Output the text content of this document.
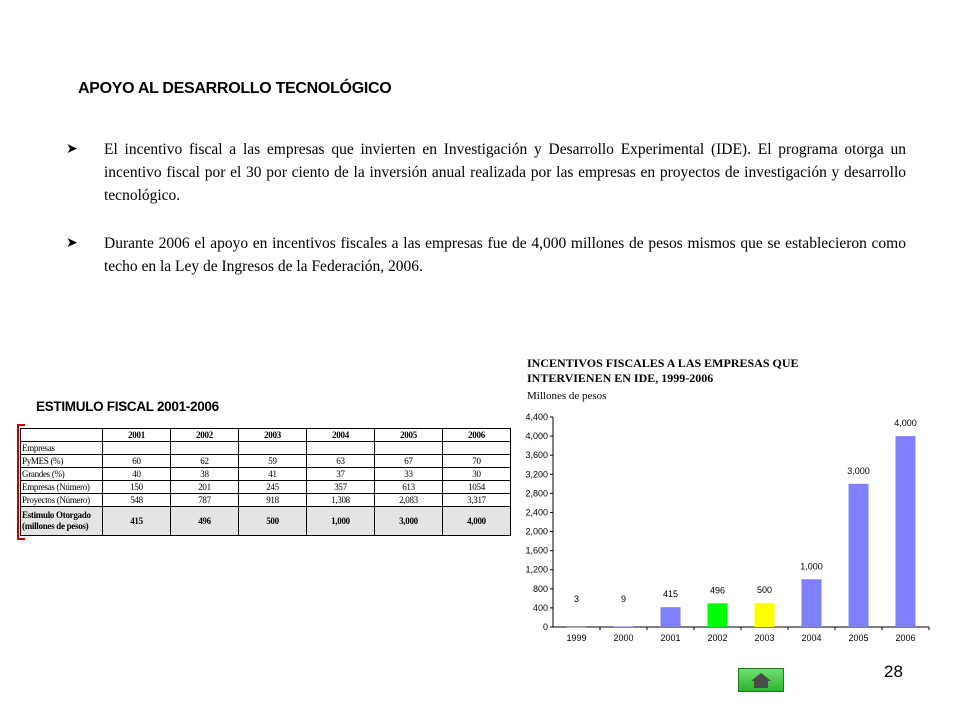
APOYO AL DESARROLLO TECNOLÓGICO
➤ El incentivo fiscal a las empresas que invierten en Investigación y Desarrollo Experimental (IDE). El programa otorga un incentivo fiscal por el 30 por ciento de la inversión anual realizada por las empresas en proyectos de investigación y desarrollo tecnológico.
➤ Durante 2006 el apoyo en incentivos fiscales a las empresas fue de 4,000 millones de pesos mismos que se establecieron como techo en la Ley de Ingresos de la Federación, 2006.
ESTIMULO FISCAL 2001-2006
	2001	2002	2003	2004	2005	2006
Empresas						
PyMES (%)	60	62	59	63	67	70
Grandes (%)	40	38	41	37	33	30
Empresas (Número)	150	201	245	357	613	1054
Proyectos (Número)	548	787	918	1,308	2,083	3,317
Estimulo Otorgado
(millones de pesos)	415	496	500	1,000	3,000	4,000
INCENTIVOS FISCALES A LAS EMPRESAS QUE
INTERVIENEN EN IDE, 1999-2006
Millones de pesos
0
400
800
1,200
1,600
2,000
2,400
2,800
3,200
3,600
4,000
4,400
3
1999
9
2000
415
2001
496
2002
500
2003
1,000
2004
3,000
2005
4,000
2006
28
